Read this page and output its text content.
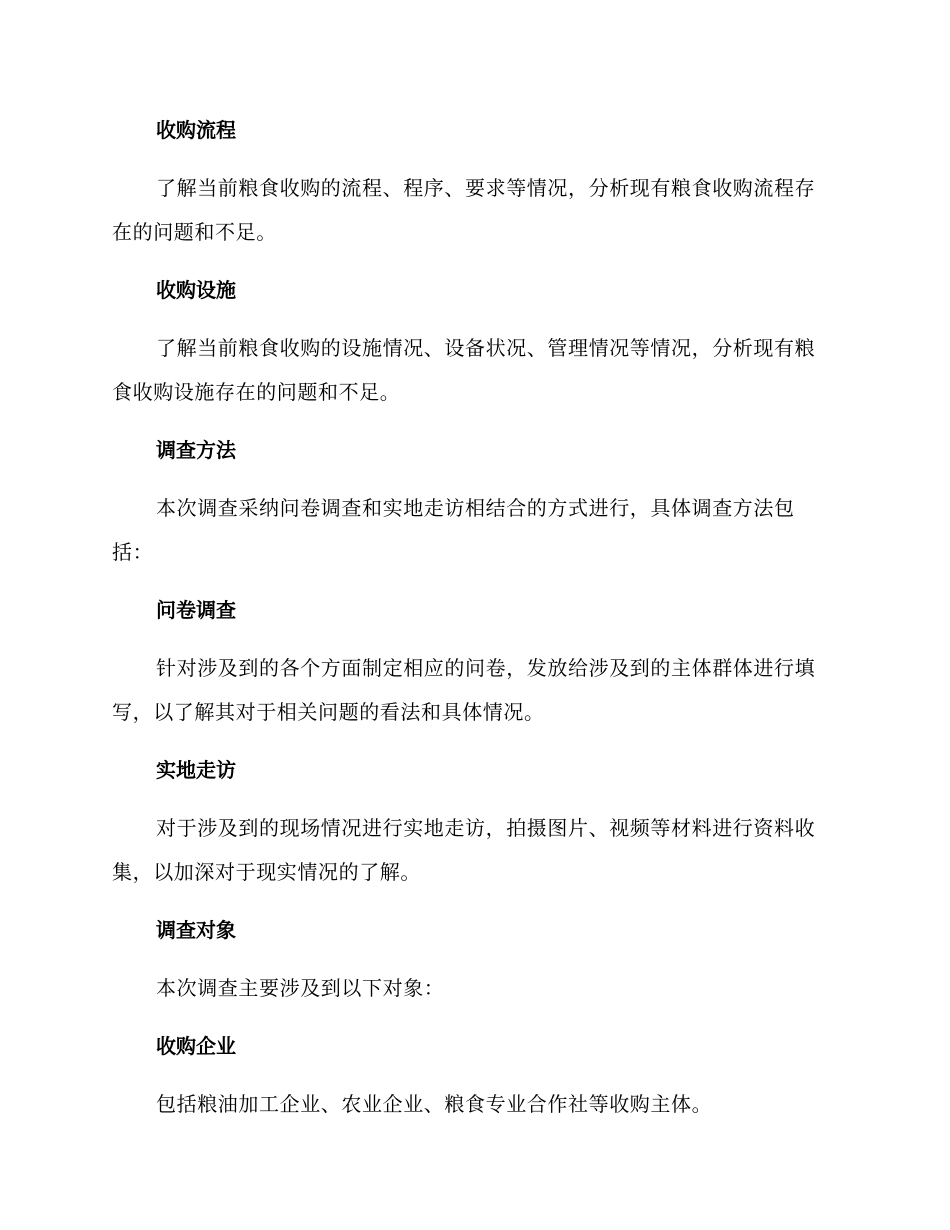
收购流程

了解当前粮食收购的流程、程序、要求等情况，分析现有粮食收购流程存在的问题和不足。

收购设施

了解当前粮食收购的设施情况、设备状况、管理情况等情况，分析现有粮食收购设施存在的问题和不足。

调查方法

本次调查采纳问卷调查和实地走访相结合的方式进行，具体调查方法包括：

问卷调查

针对涉及到的各个方面制定相应的问卷，发放给涉及到的主体群体进行填写，以了解其对于相关问题的看法和具体情况。

实地走访

对于涉及到的现场情况进行实地走访，拍摄图片、视频等材料进行资料收集，以加深对于现实情况的了解。

调查对象

本次调查主要涉及到以下对象：

收购企业

包括粮油加工企业、农业企业、粮食专业合作社等收购主体。
